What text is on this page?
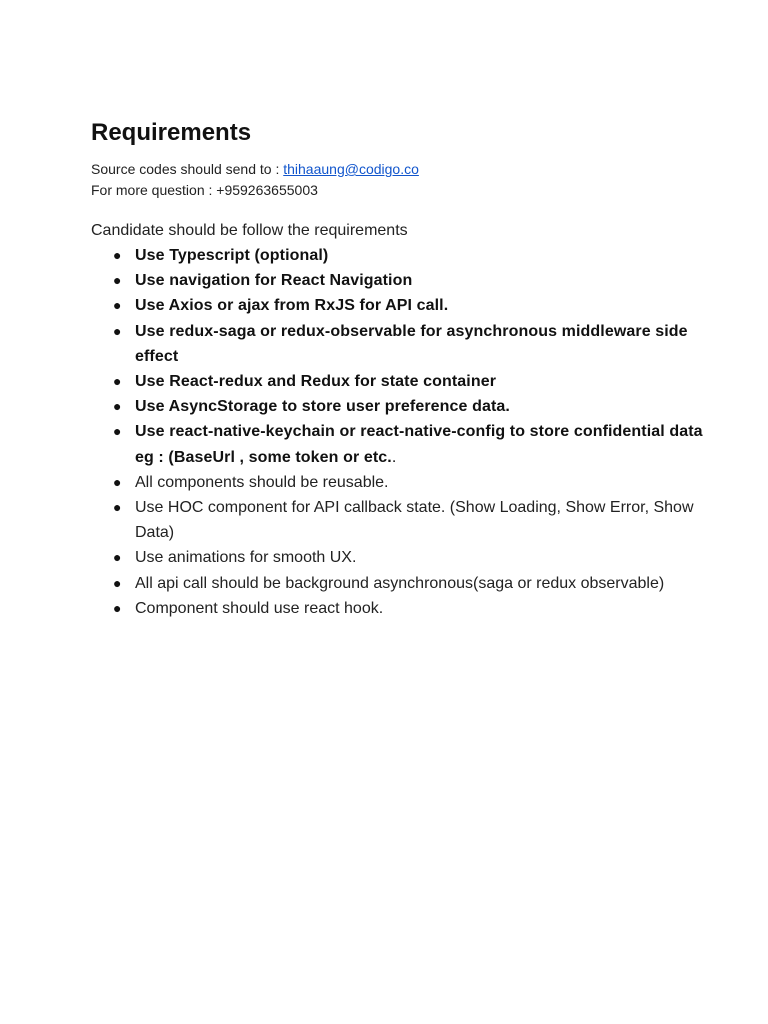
Requirements
Source codes should send to : thihaaung@codigo.co
For more question : +959263655003
Candidate should be follow the requirements
● Use Typescript (optional)
● Use navigation for React Navigation
● Use Axios or ajax from RxJS for API call.
● Use redux-saga or redux-observable for asynchronous middleware side effect
● Use React-redux and Redux for state container
● Use AsyncStorage to store user preference data.
● Use react-native-keychain or react-native-config to store confidential data eg : (BaseUrl , some token or etc..
● All components should be reusable.
● Use HOC component for API callback state. (Show Loading, Show Error, Show Data)
● Use animations for smooth UX.
● All api call should be background asynchronous(saga or redux observable)
● Component should use react hook.
